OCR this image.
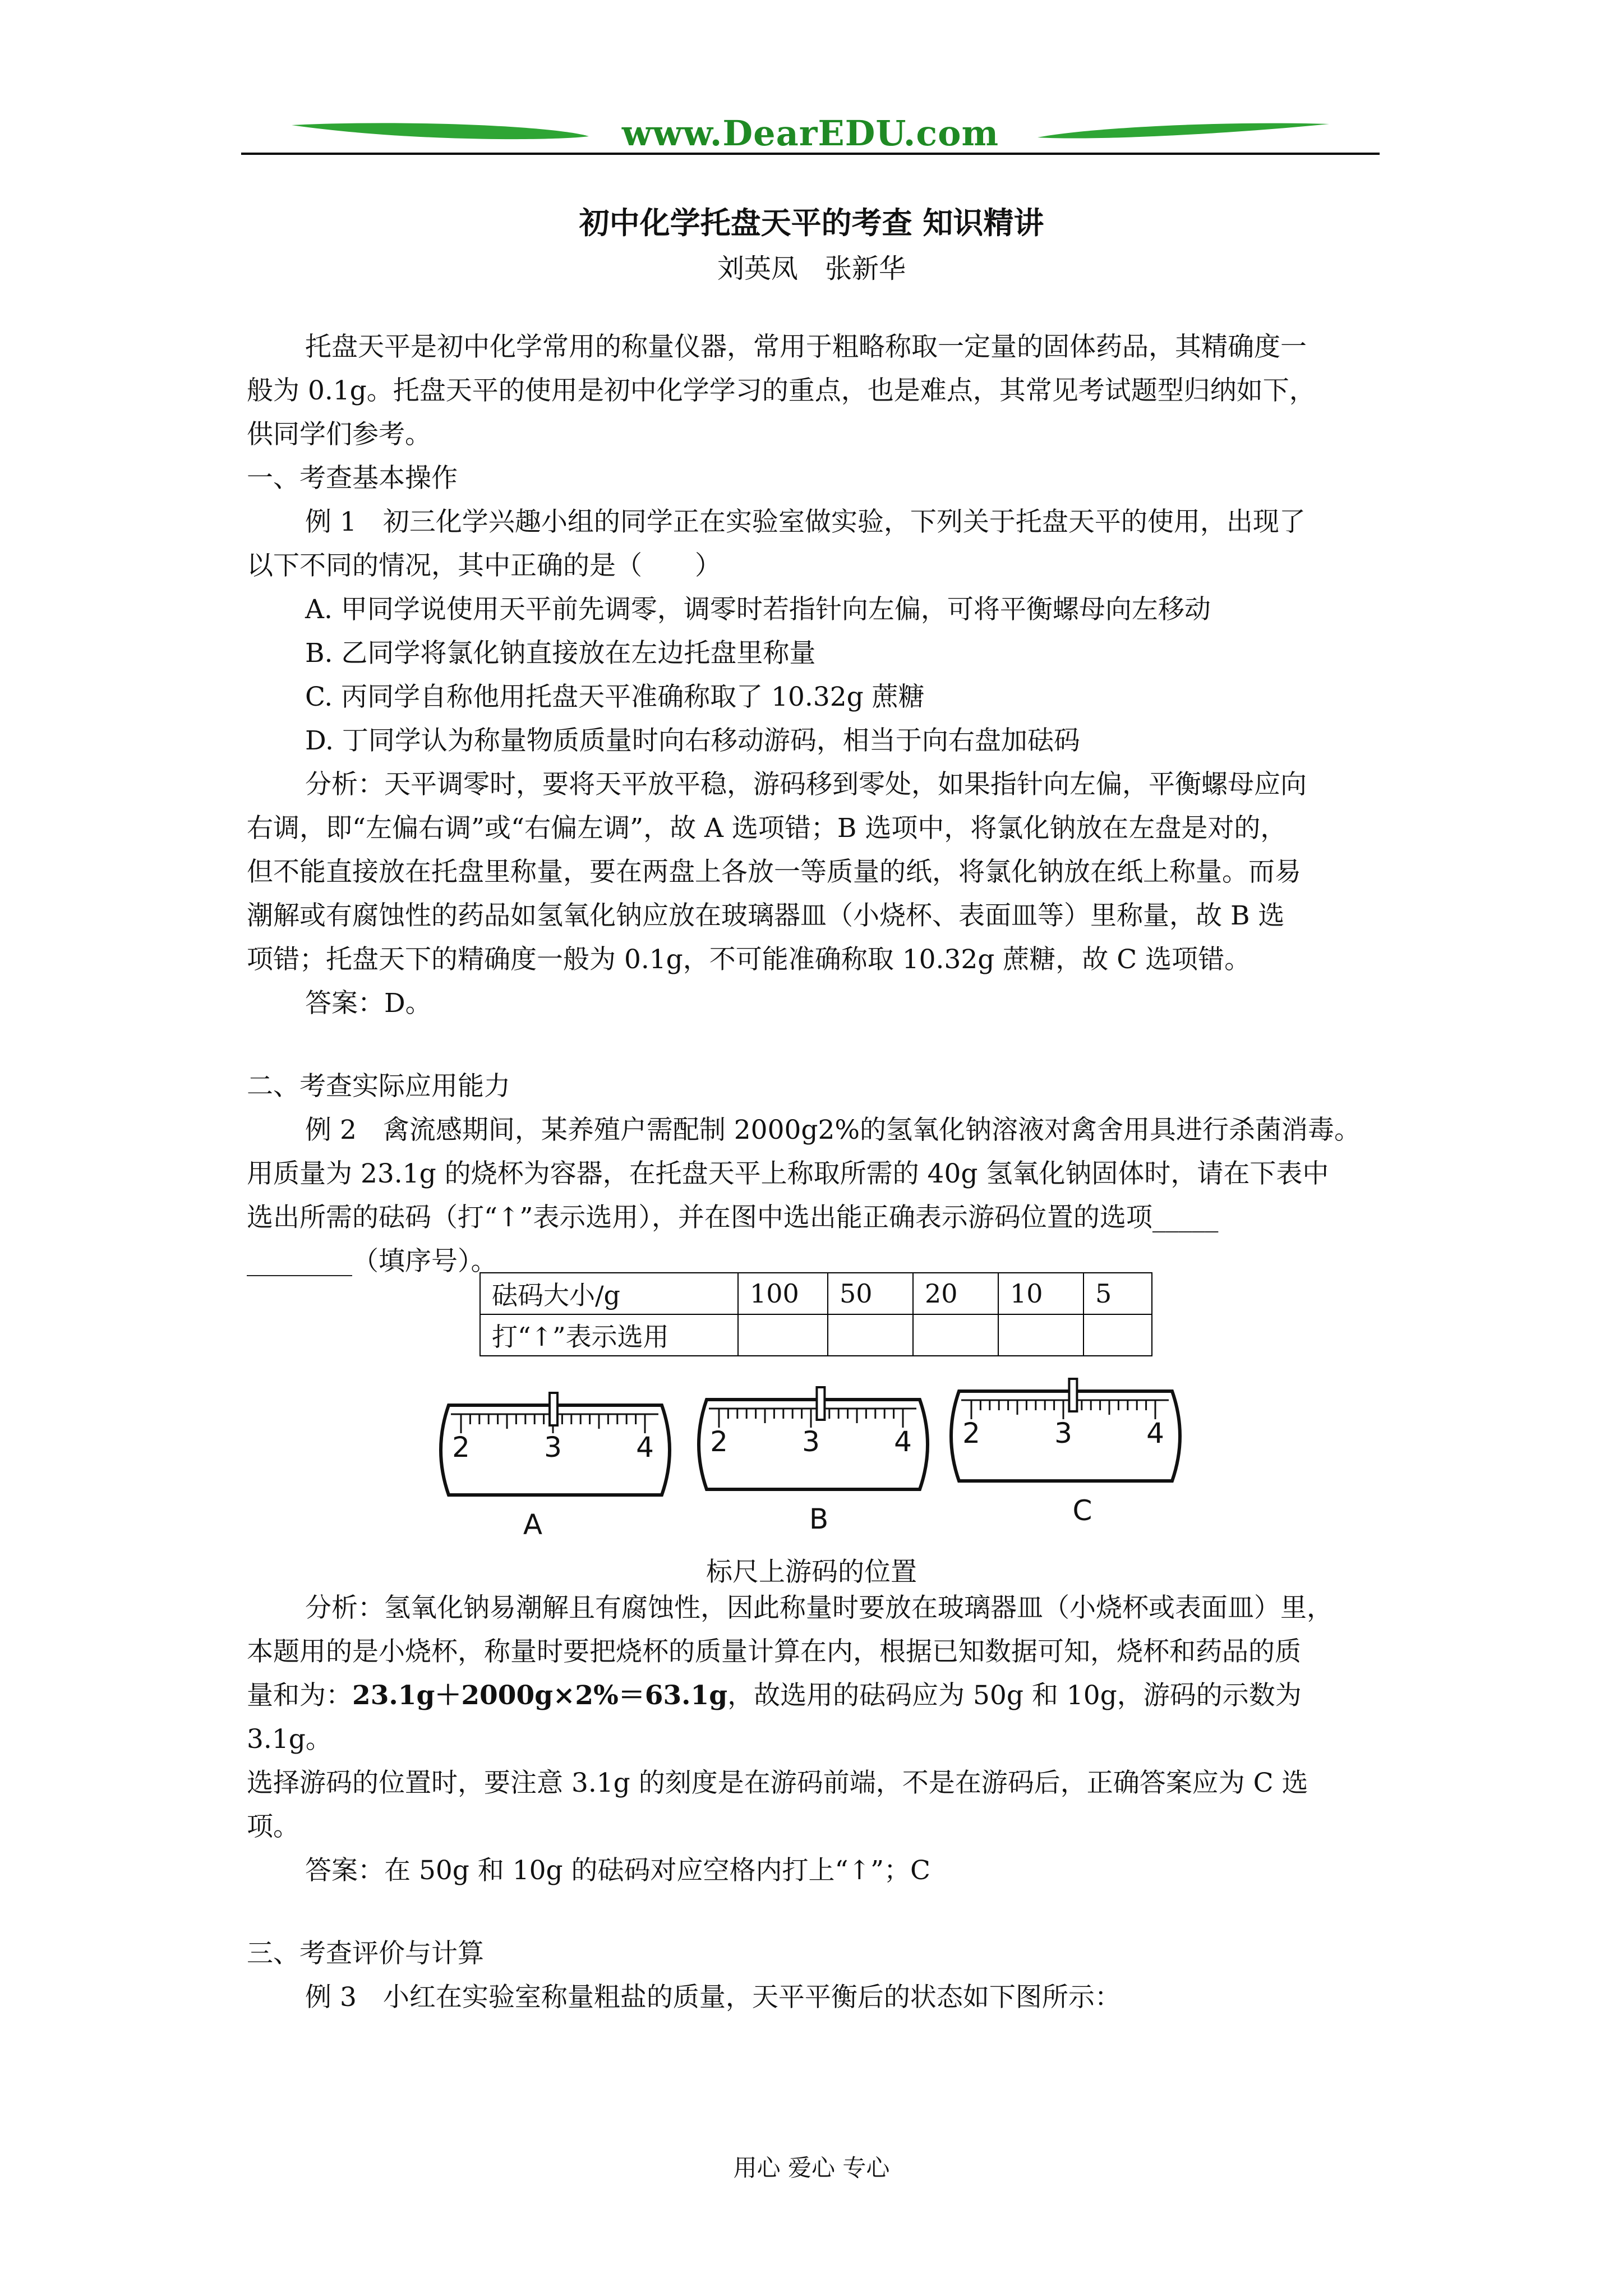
www.DearEDU.com
初中化学托盘天平的考查 知识精讲
刘英凤　张新华

托盘天平是初中化学常用的称量仪器，常用于粗略称取一定量的固体药品，其精确度一

般为 0.1g。托盘天平的使用是初中化学学习的重点，也是难点，其常见考试题型归纳如下，

供同学们参考。

一、考查基本操作

例 1　初三化学兴趣小组的同学正在实验室做实验，下列关于托盘天平的使用，出现了

以下不同的情况，其中正确的是（　　）

A. 甲同学说使用天平前先调零，调零时若指针向左偏，可将平衡螺母向左移动

B. 乙同学将氯化钠直接放在左边托盘里称量

C. 丙同学自称他用托盘天平准确称取了 10.32g 蔗糖

D. 丁同学认为称量物质质量时向右移动游码，相当于向右盘加砝码

分析：天平调零时，要将天平放平稳，游码移到零处，如果指针向左偏，平衡螺母应向

右调，即“左偏右调”或“右偏左调”，故 A 选项错；B 选项中，将氯化钠放在左盘是对的，

但不能直接放在托盘里称量，要在两盘上各放一等质量的纸，将氯化钠放在纸上称量。而易

潮解或有腐蚀性的药品如氢氧化钠应放在玻璃器皿（小烧杯、表面皿等）里称量，故 B 选

项错；托盘天下的精确度一般为 0.1g，不可能准确称取 10.32g 蔗糖，故 C 选项错。

答案：D。

二、考查实际应用能力

例 2　禽流感期间，某养殖户需配制 2000g2%的氢氧化钠溶液对禽舍用具进行杀菌消毒。

用质量为 23.1g 的烧杯为容器，在托盘天平上称取所需的 40g 氢氧化钠固体时，请在下表中

选出所需的砝码（打“↑”表示选用），并在图中选出能正确表示游码位置的选项_____

________（填序号）。

砝码大小/g	100	50	20	10	5
打“↑”表示选用					
2	3	4
A
2	3	4
B
2	3	4
C
标尺上游码的位置

分析：氢氧化钠易潮解且有腐蚀性，因此称量时要放在玻璃器皿（小烧杯或表面皿）里，

本题用的是小烧杯，称量时要把烧杯的质量计算在内，根据已知数据可知，烧杯和药品的质

量和为：23.1g＋2000g×2%＝63.1g，故选用的砝码应为 50g 和 10g，游码的示数为 3.1g。

选择游码的位置时，要注意 3.1g 的刻度是在游码前端，不是在游码后，正确答案应为 C 选

项。

答案：在 50g 和 10g 的砝码对应空格内打上“↑”；C

三、考查评价与计算

例 3　小红在实验室称量粗盐的质量，天平平衡后的状态如下图所示：

用心 爱心 专心
